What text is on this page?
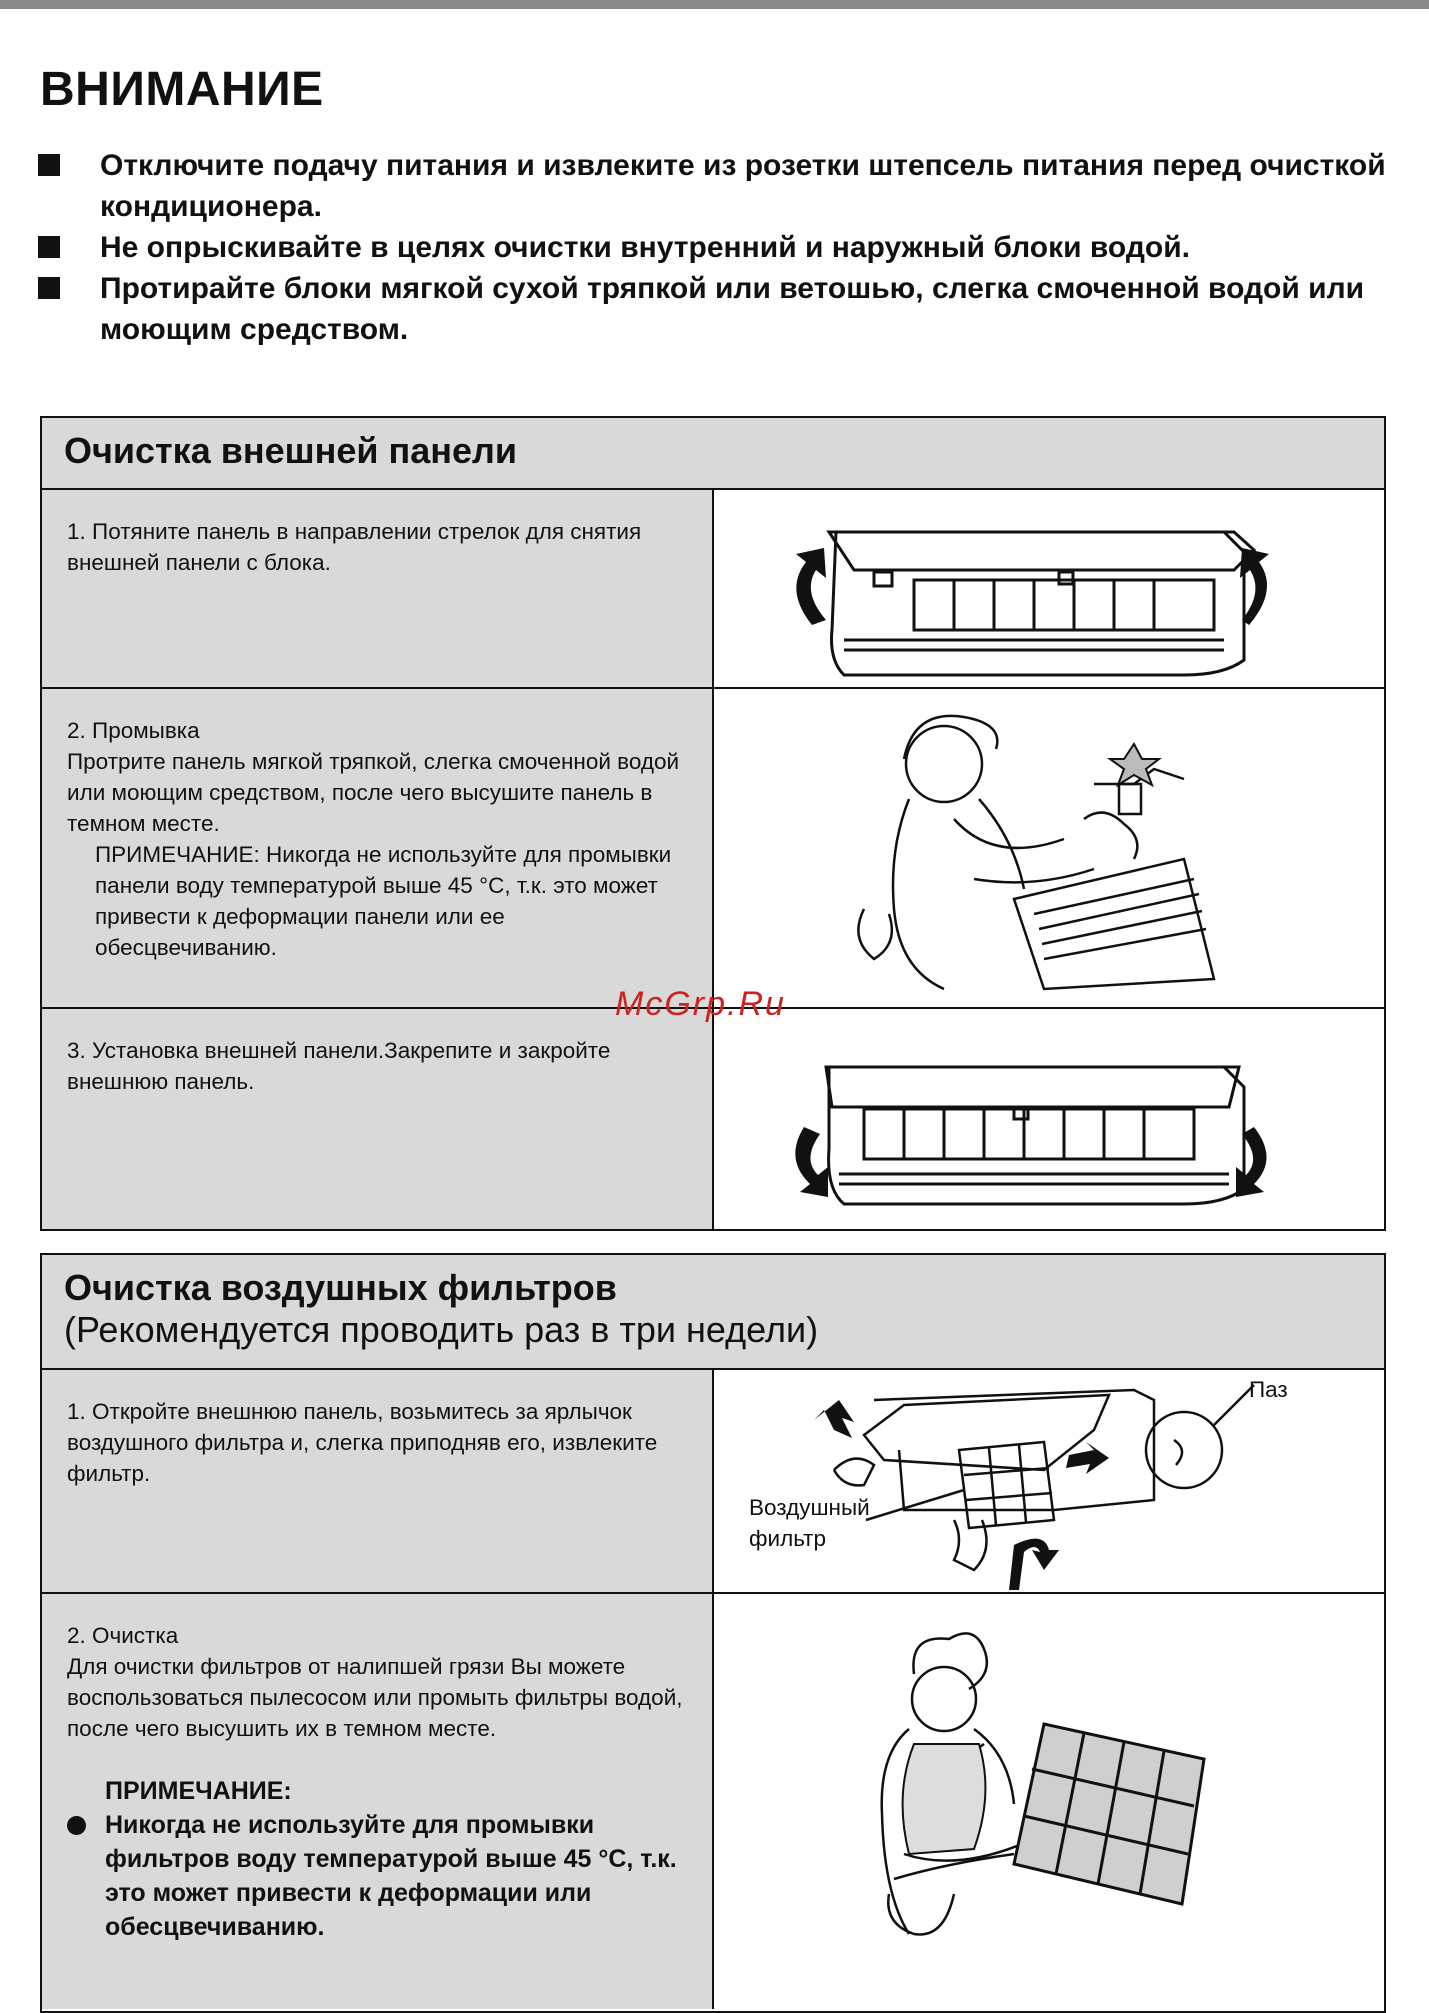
ВНИМАНИЕ
Отключите подачу питания и извлеките из розетки штепсель питания перед очисткой кондиционера.
Не опрыскивайте в целях очистки внутренний и наружный блоки водой.
Протирайте блоки мягкой сухой тряпкой или ветошью, слегка смоченной водой или моющим средством.
Очистка внешней панели
1. Потяните панель в направлении стрелок для снятия внешней панели с блока.
2. Промывка
Протрите панель мягкой тряпкой, слегка смоченной водой или моющим средством, после чего высушите панель в темном месте.
ПРИМЕЧАНИЕ: Никогда не используйте для промывки панели воду температурой выше 45 °C, т.к. это может привести к деформации панели или ее обесцвечиванию.
3. Установка внешней панели.Закрепите и закройте внешнюю панель.
Очистка воздушных фильтров
(Рекомендуется проводить раз в три недели)
1. Откройте внешнюю панель, возьмитесь за ярлычок воздушного фильтра и, слегка приподняв его, извлеките фильтр.
Паз
Воздушный
фильтр
2. Очистка
Для очистки фильтров от налипшей грязи Вы можете воспользоваться пылесосом или промыть фильтры водой, после чего высушить их в темном месте.
ПРИМЕЧАНИЕ:
Никогда не используйте для промывки фильтров воду температурой выше 45 °C, т.к. это может привести к деформации или обесцвечиванию.
McGrp.Ru
